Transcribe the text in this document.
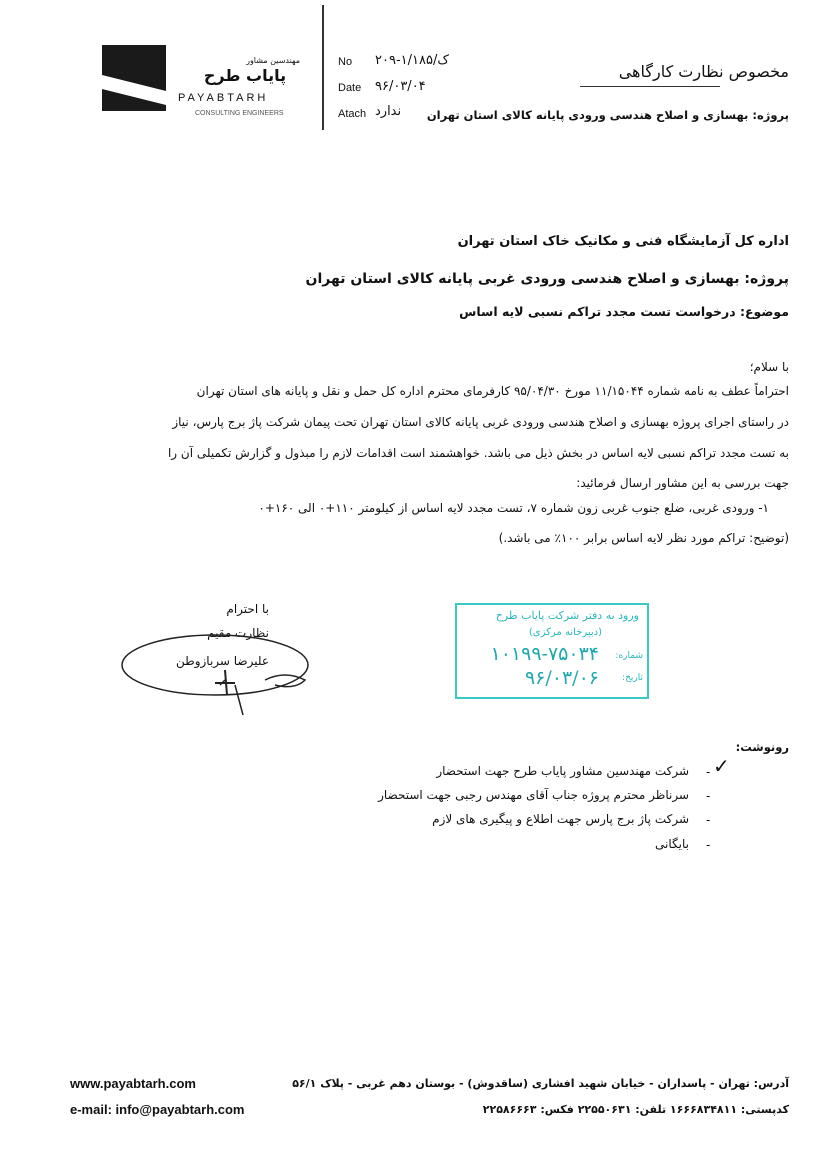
مهندسین مشاور
پایاب طرح
PAYABTARH
CONSULTING ENGINEERS
No ۲۰۹-۱/ک/۱۸۵
Date ۹۶/۰۳/۰۴
Atach ندارد
مخصوص نظارت کارگاهی
پروژه: بهسازی و اصلاح هندسی ورودی پایانه کالای استان تهران
اداره کل آزمایشگاه فنی و مکانیک خاک استان تهران
پروژه: بهسازی و اصلاح هندسی ورودی غربی پایانه کالای استان تهران
موضوع: درخواست تست مجدد تراکم نسبی لایه اساس
با سلام؛
احتراماً عطف به نامه شماره ۱۱/۱۵۰۴۴ مورخ ۹۵/۰۴/۳۰ کارفرمای محترم اداره کل حمل و نقل و پایانه های استان تهران
در راستای اجرای پروژه بهسازی و اصلاح هندسی ورودی غربی پایانه کالای استان تهران تحت پیمان شرکت پاژ برج پارس، نیاز
به تست مجدد تراکم نسبی لایه اساس در بخش ذیل می باشد. خواهشمند است اقدامات لازم را مبذول و گزارش تکمیلی آن را
جهت بررسی به این مشاور ارسال فرمائید:
۱- ورودی غربی، ضلع جنوب غربی زون شماره ۷، تست مجدد لایه اساس از کیلومتر ۱۱۰+۰ الی ۱۶۰+۰
(توضیح: تراکم مورد نظر لایه اساس برابر ۱۰۰٪ می باشد.)
با احترام
نظارت مقیم
علیرضا سربازوطن
ورود به دفتر شرکت پایاب طرح
(دبیرخانه مرکزی)
شماره:
۱۰۱۹۹-۷۵۰۳۴
تاریخ:
۹۶/۰۳/۰۶
رونوشت:
✓
-
شرکت مهندسین مشاور پایاب طرح جهت استحضار
-
سرناظر محترم پروژه جناب آقای مهندس رجبی جهت استحضار
-
شرکت پاژ برج پارس جهت اطلاع و پیگیری های لازم
-
بایگانی
www.payabtarh.com
e-mail: info@payabtarh.com
آدرس: تهران - پاسداران - خیابان شهید افشاری (ساقدوش) - بوستان دهم غربی - پلاک ۵۶/۱
کدپستی: ۱۶۶۶۸۳۴۸۱۱ تلفن: ۲۲۵۵۰۶۳۱ فکس: ۲۲۵۸۶۶۶۳
